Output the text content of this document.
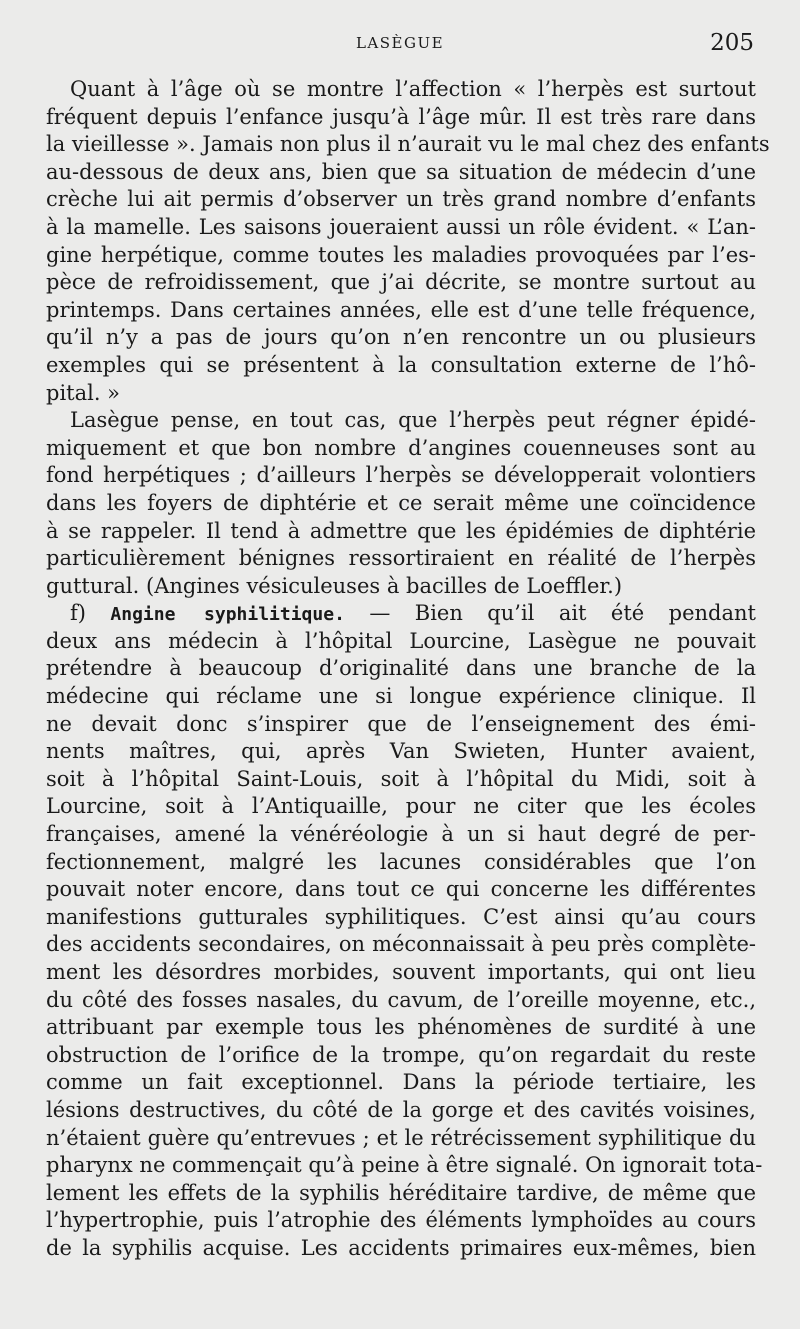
LASÈGUE	205
Quant à l’âge où se montre l’affection « l’herpès est surtout
fréquent depuis l’enfance jusqu’à l’âge mûr. Il est très rare dans
la vieillesse ». Jamais non plus il n’aurait vu le mal chez des enfants
au-dessous de deux ans, bien que sa situation de médecin d’une
crèche lui ait permis d’observer un très grand nombre d’enfants
à la mamelle. Les saisons joueraient aussi un rôle évident. « L’an-
gine herpétique, comme toutes les maladies provoquées par l’es-
pèce de refroidissement, que j’ai décrite, se montre surtout au
printemps. Dans certaines années, elle est d’une telle fréquence,
qu’il n’y a pas de jours qu’on n’en rencontre un ou plusieurs
exemples qui se présentent à la consultation externe de l’hô-
pital. »
Lasègue pense, en tout cas, que l’herpès peut régner épidé-
miquement et que bon nombre d’angines couenneuses sont au
fond herpétiques ; d’ailleurs l’herpès se développerait volontiers
dans les foyers de diphtérie et ce serait même une coïncidence
à se rappeler. Il tend à admettre que les épidémies de diphtérie
particulièrement bénignes ressortiraient en réalité de l’herpès
guttural. (Angines vésiculeuses à bacilles de Loeffler.)
f) Angine syphilitique. — Bien qu’il ait été pendant
deux ans médecin à l’hôpital Lourcine, Lasègue ne pouvait
prétendre à beaucoup d’originalité dans une branche de la
médecine qui réclame une si longue expérience clinique. Il
ne devait donc s’inspirer que de l’enseignement des émi-
nents maîtres, qui, après Van Swieten, Hunter avaient,
soit à l’hôpital Saint-Louis, soit à l’hôpital du Midi, soit à
Lourcine, soit à l’Antiquaille, pour ne citer que les écoles
françaises, amené la vénéréologie à un si haut degré de per-
fectionnement, malgré les lacunes considérables que l’on
pouvait noter encore, dans tout ce qui concerne les différentes
manifestions gutturales syphilitiques. C’est ainsi qu’au cours
des accidents secondaires, on méconnaissait à peu près complète-
ment les désordres morbides, souvent importants, qui ont lieu
du côté des fosses nasales, du cavum, de l’oreille moyenne, etc.,
attribuant par exemple tous les phénomènes de surdité à une
obstruction de l’orifice de la trompe, qu’on regardait du reste
comme un fait exceptionnel. Dans la période tertiaire, les
lésions destructives, du côté de la gorge et des cavités voisines,
n’étaient guère qu’entrevues ; et le rétrécissement syphilitique du
pharynx ne commençait qu’à peine à être signalé. On ignorait tota-
lement les effets de la syphilis héréditaire tardive, de même que
l’hypertrophie, puis l’atrophie des éléments lymphoïdes au cours
de la syphilis acquise. Les accidents primaires eux-mêmes, bien
